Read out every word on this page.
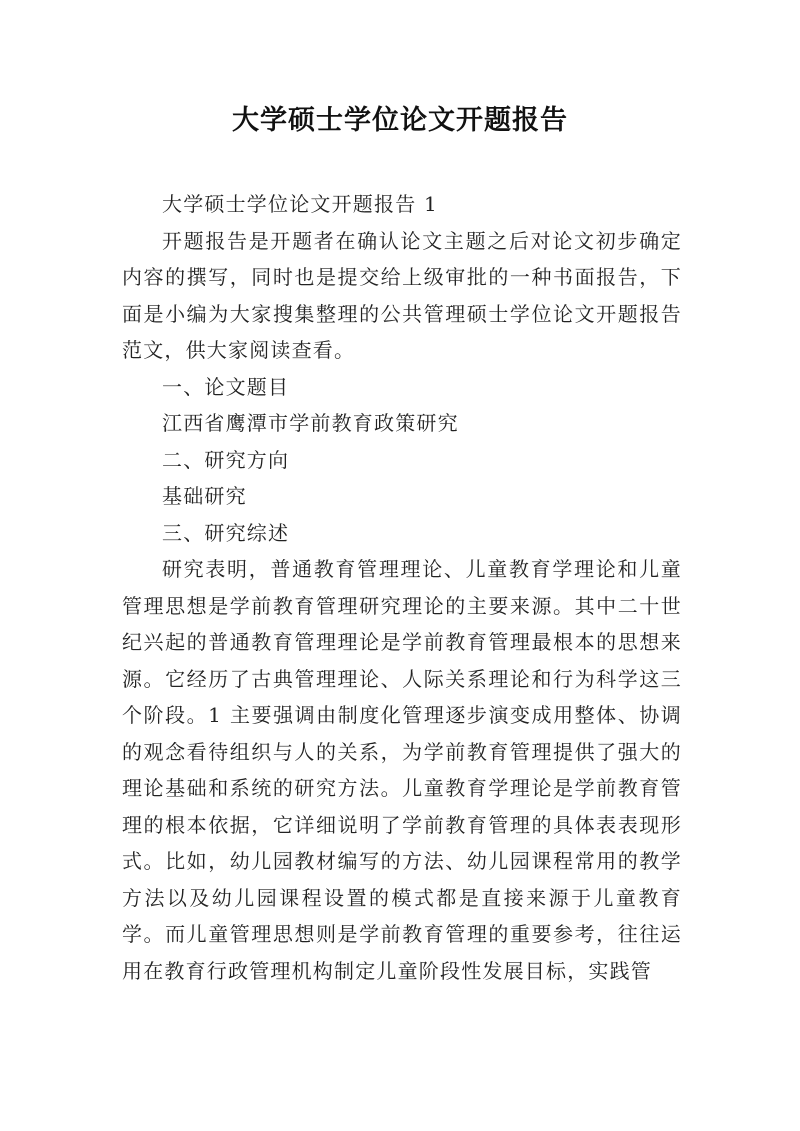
大学硕士学位论文开题报告

大学硕士学位论文开题报告 1

开题报告是开题者在确认论文主题之后对论文初步确定内容的撰写，同时也是提交给上级审批的一种书面报告，下面是小编为大家搜集整理的公共管理硕士学位论文开题报告范文，供大家阅读查看。

一、论文题目

江西省鹰潭市学前教育政策研究

二、研究方向

基础研究

三、研究综述

研究表明，普通教育管理理论、儿童教育学理论和儿童管理思想是学前教育管理研究理论的主要来源。其中二十世纪兴起的普通教育管理理论是学前教育管理最根本的思想来源。它经历了古典管理理论、人际关系理论和行为科学这三个阶段。1 主要强调由制度化管理逐步演变成用整体、协调的观念看待组织与人的关系，为学前教育管理提供了强大的理论基础和系统的研究方法。儿童教育学理论是学前教育管理的根本依据，它详细说明了学前教育管理的具体表表现形式。比如，幼儿园教材编写的方法、幼儿园课程常用的教学方法以及幼儿园课程设置的模式都是直接来源于儿童教育学。而儿童管理思想则是学前教育管理的重要参考，往往运用在教育行政管理机构制定儿童阶段性发展目标，实践管
